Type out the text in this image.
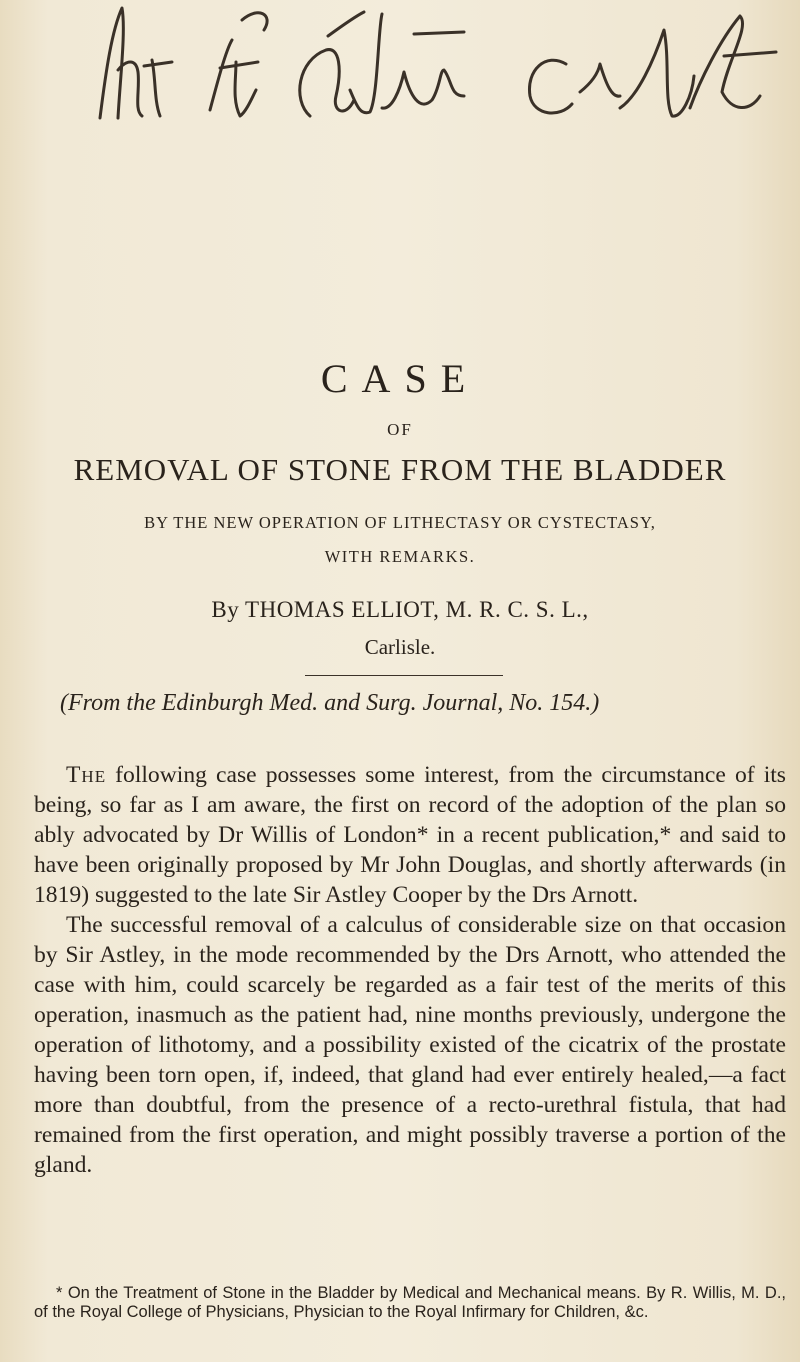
CASE
OF
REMOVAL OF STONE FROM THE BLADDER
BY THE NEW OPERATION OF LITHECTASY OR CYSTECTASY,
WITH REMARKS.
By THOMAS ELLIOT, M. R. C. S. L.,
Carlisle.
(From the Edinburgh Med. and Surg. Journal, No. 154.)

The following case possesses some interest, from the circumstance of its being, so far as I am aware, the first on record of the adoption of the plan so ably advocated by Dr Willis of London* in a recent publication,* and said to have been originally proposed by Mr John Douglas, and shortly afterwards (in 1819) suggested to the late Sir Astley Cooper by the Drs Arnott.

The successful removal of a calculus of considerable size on that occasion by Sir Astley, in the mode recommended by the Drs Arnott, who attended the case with him, could scarcely be regarded as a fair test of the merits of this operation, inasmuch as the patient had, nine months previously, undergone the operation of lithotomy, and a possibility existed of the cicatrix of the prostate having been torn open, if, indeed, that gland had ever entirely healed,—a fact more than doubtful, from the presence of a recto-urethral fistula, that had remained from the first operation, and might possibly traverse a portion of the gland.

* On the Treatment of Stone in the Bladder by Medical and Mechanical means. By R. Willis, M. D., of the Royal College of Physicians, Physician to the Royal Infirmary for Children, &c.
